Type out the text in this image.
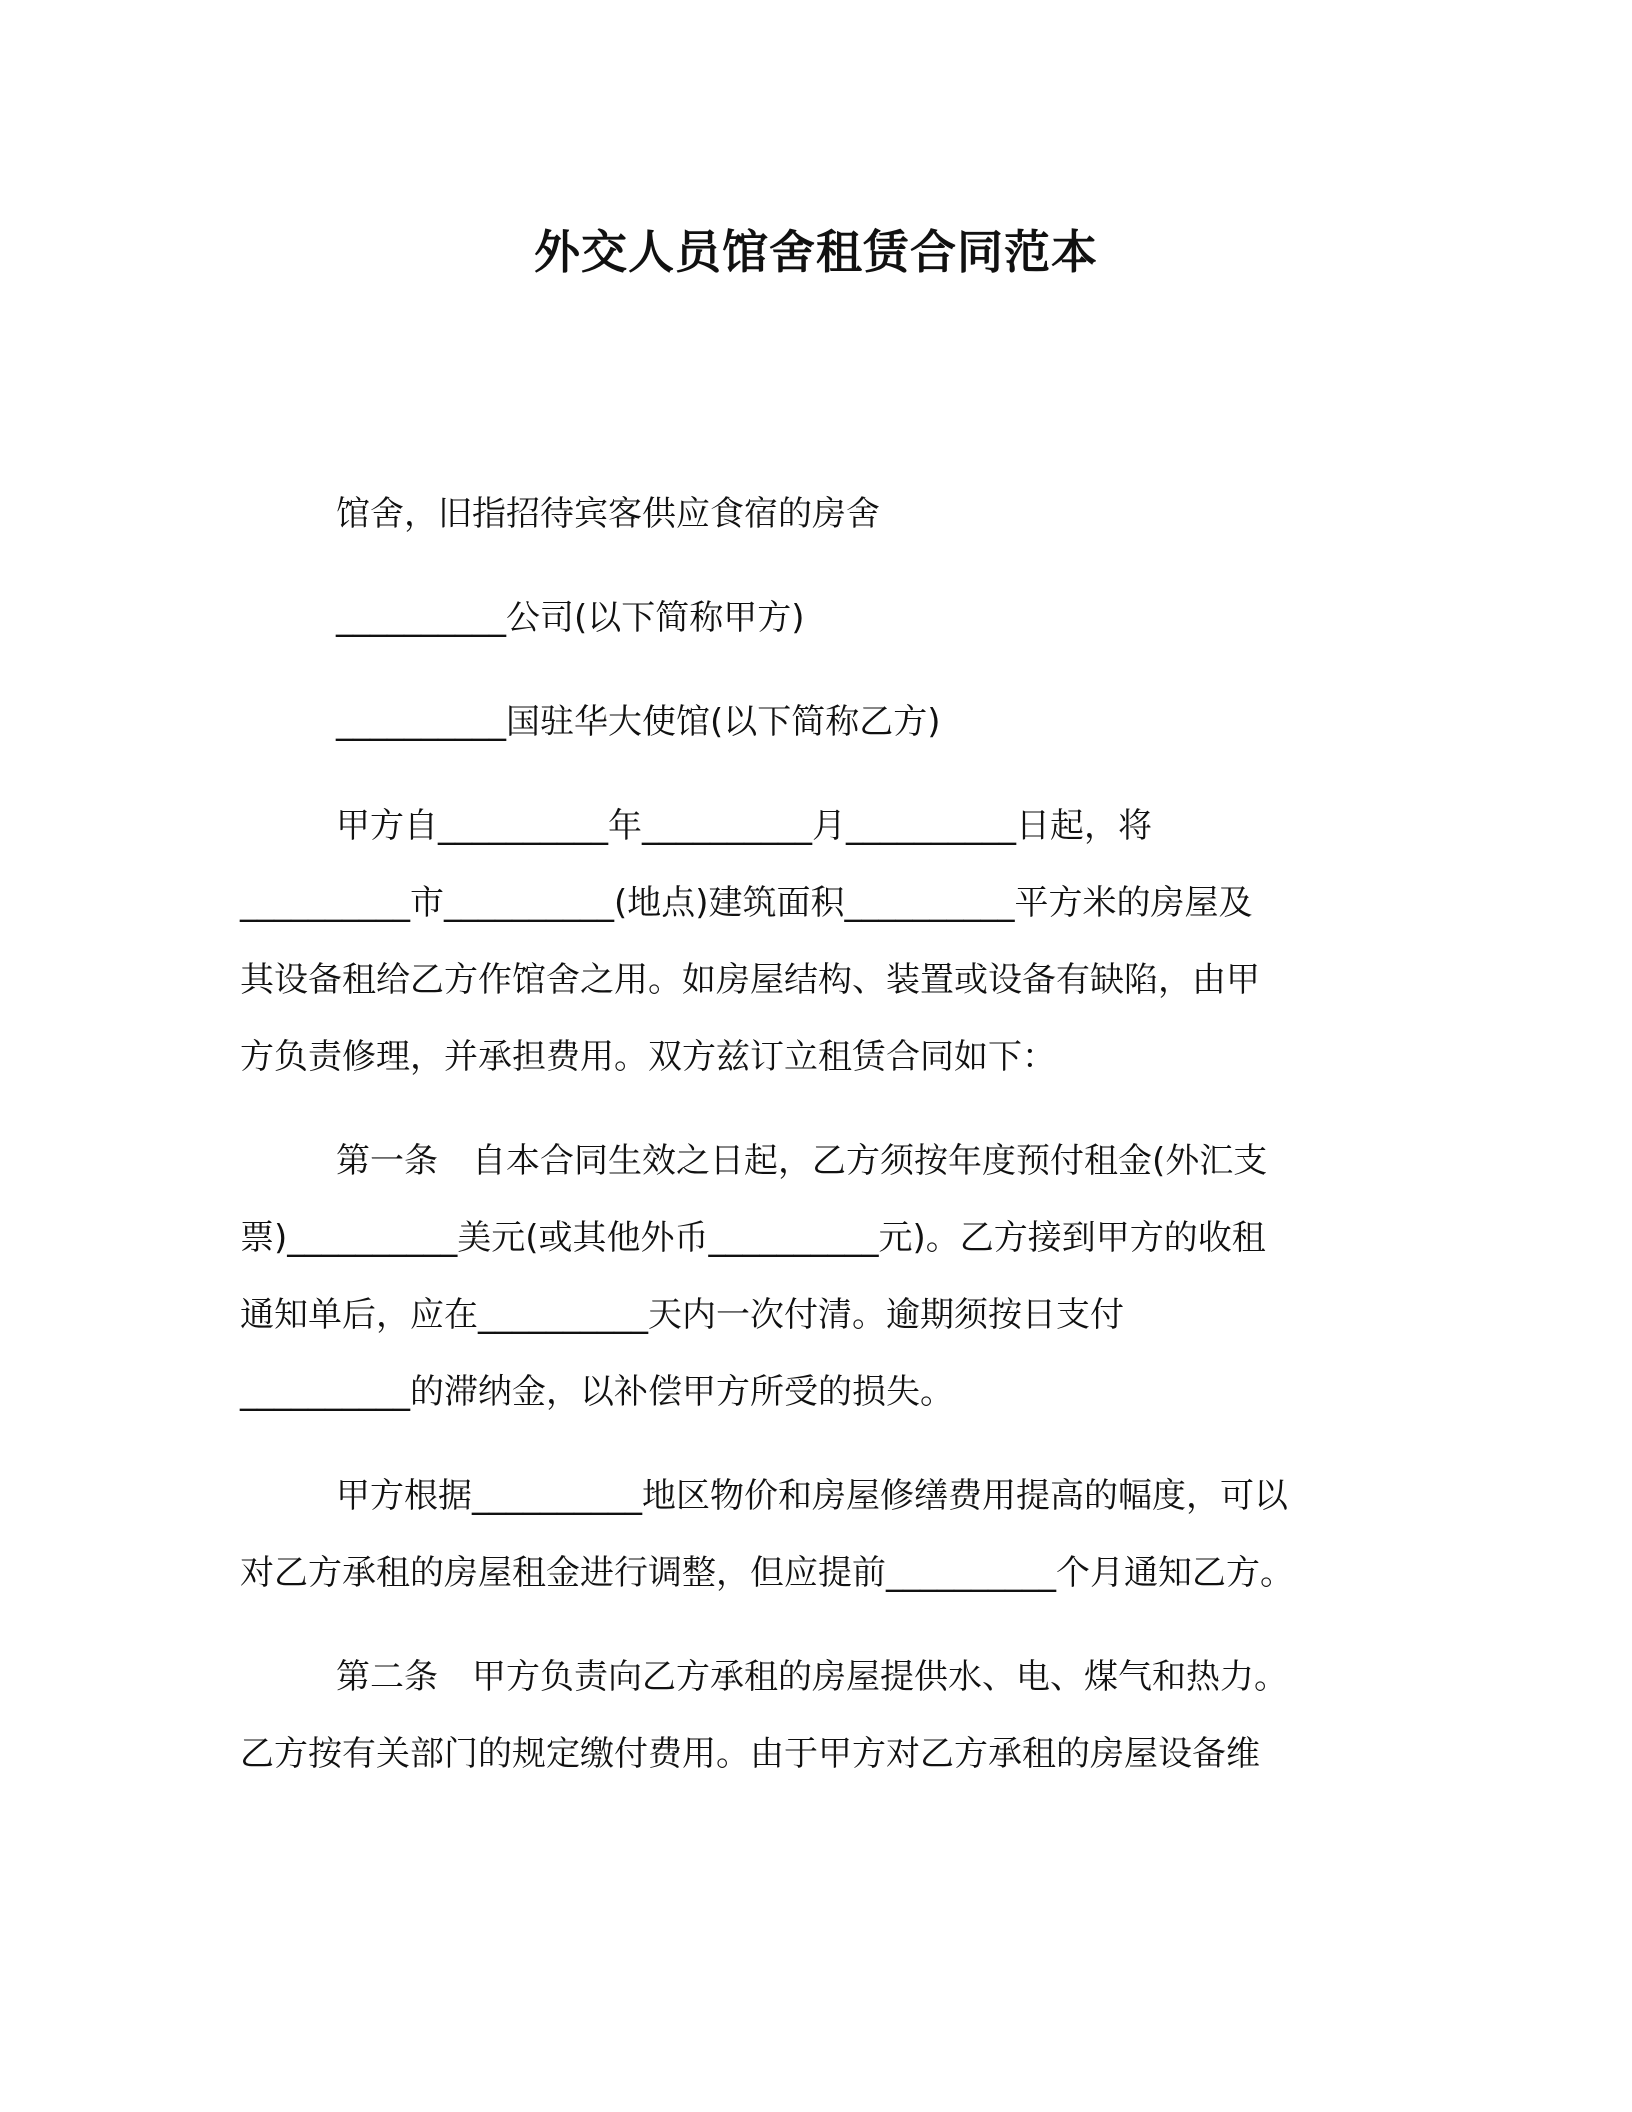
外交人员馆舍租赁合同范本

馆舍，旧指招待宾客供应食宿的房舍

__________公司(以下简称甲方)

__________国驻华大使馆(以下简称乙方)

甲方自__________年__________月__________日起，将

__________市__________(地点)建筑面积__________平方米的房屋及

其设备租给乙方作馆舍之用。如房屋结构、装置或设备有缺陷，由甲

方负责修理，并承担费用。双方兹订立租赁合同如下：

第一条　自本合同生效之日起，乙方须按年度预付租金(外汇支

票)__________美元(或其他外币__________元)。乙方接到甲方的收租

通知单后，应在__________天内一次付清。逾期须按日支付

__________的滞纳金，以补偿甲方所受的损失。

甲方根据__________地区物价和房屋修缮费用提高的幅度，可以

对乙方承租的房屋租金进行调整，但应提前__________个月通知乙方。

第二条　甲方负责向乙方承租的房屋提供水、电、煤气和热力。

乙方按有关部门的规定缴付费用。由于甲方对乙方承租的房屋设备维
